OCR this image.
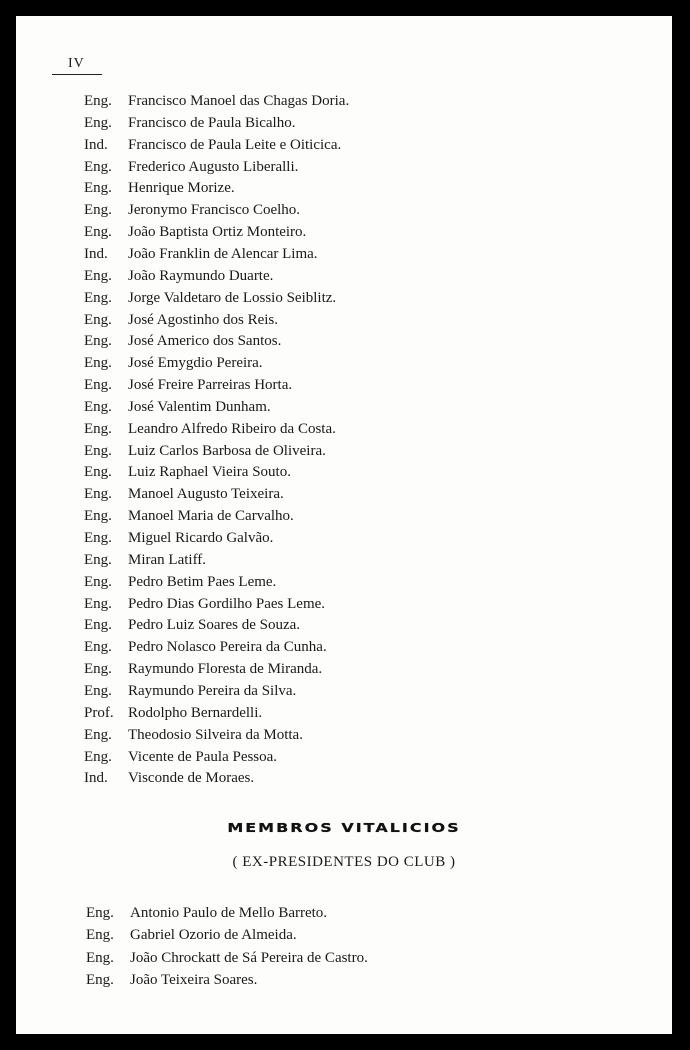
IV
Eng. Francisco Manoel das Chagas Doria.
Eng. Francisco de Paula Bicalho.
Ind. Francisco de Paula Leite e Oiticica.
Eng. Frederico Augusto Liberalli.
Eng. Henrique Morize.
Eng. Jeronymo Francisco Coelho.
Eng. João Baptista Ortiz Monteiro.
Ind. João Franklin de Alencar Lima.
Eng. João Raymundo Duarte.
Eng. Jorge Valdetaro de Lossio Seiblitz.
Eng. José Agostinho dos Reis.
Eng. José Americo dos Santos.
Eng. José Emygdio Pereira.
Eng. José Freire Parreiras Horta.
Eng. José Valentim Dunham.
Eng. Leandro Alfredo Ribeiro da Costa.
Eng. Luiz Carlos Barbosa de Oliveira.
Eng. Luiz Raphael Vieira Souto.
Eng. Manoel Augusto Teixeira.
Eng. Manoel Maria de Carvalho.
Eng. Miguel Ricardo Galvão.
Eng. Miran Latiff.
Eng. Pedro Betim Paes Leme.
Eng. Pedro Dias Gordilho Paes Leme.
Eng. Pedro Luiz Soares de Souza.
Eng. Pedro Nolasco Pereira da Cunha.
Eng. Raymundo Floresta de Miranda.
Eng. Raymundo Pereira da Silva.
Prof. Rodolpho Bernardelli.
Eng. Theodosio Silveira da Motta.
Eng. Vicente de Paula Pessoa.
Ind. Visconde de Moraes.
MEMBROS VITALICIOS
( EX-PRESIDENTES DO CLUB )
Eng. Antonio Paulo de Mello Barreto.
Eng. Gabriel Ozorio de Almeida.
Eng. João Chrockatt de Sá Pereira de Castro.
Eng. João Teixeira Soares.
